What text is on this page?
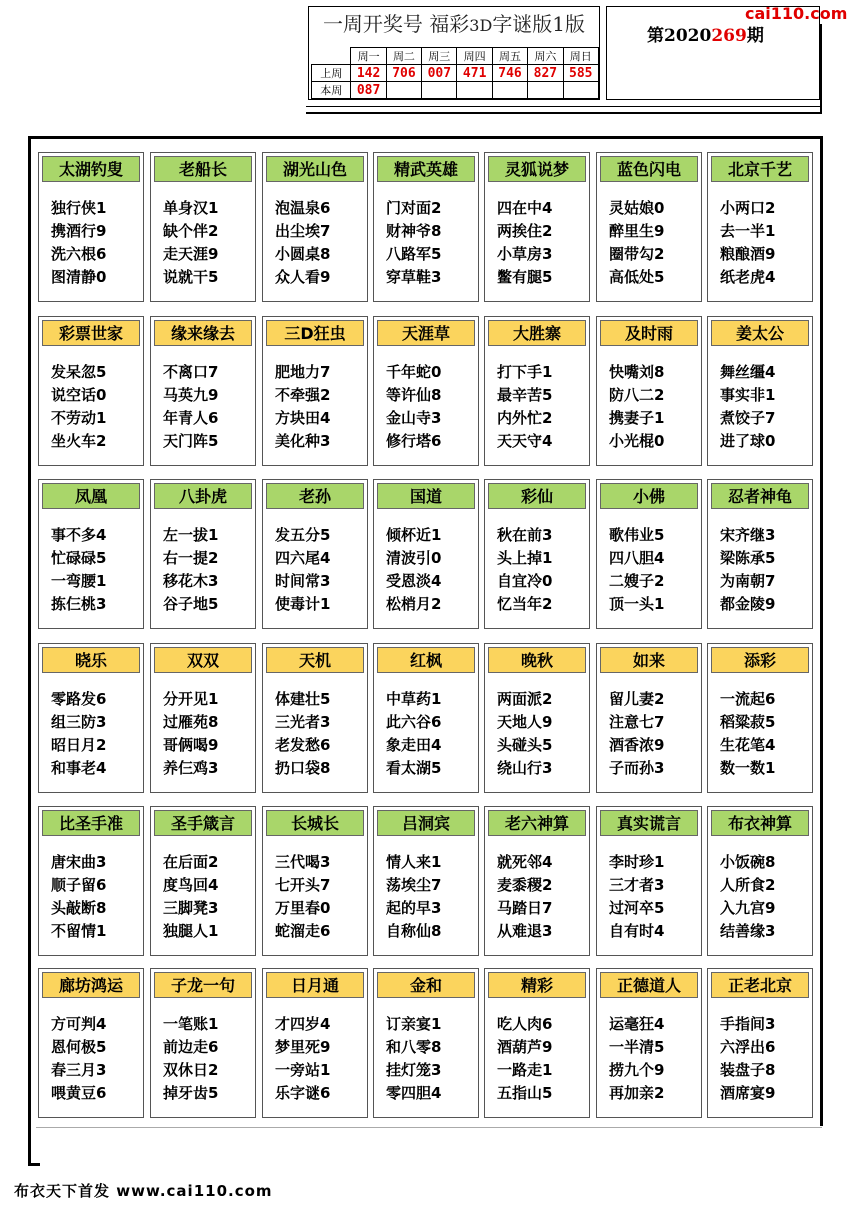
一周开奖号 福彩3D字谜版1版
	周一	周二	周三	周四	周五	周六	周日
上周	142	706	007	471	746	827	585
本周	087						
第2020269期
cai110.com
太湖钓叟
独行侠1
携酒行9
洗六根6
图清静0
老船长
单身汉1
缺个伴2
走天涯9
说就干5
湖光山色
泡温泉6
出尘埃7
小圆桌8
众人看9
精武英雄
门对面2
财神爷8
八路军5
穿草鞋3
灵狐说梦
四在中4
两挨住2
小草房3
鳖有腿5
蓝色闪电
灵姑娘0
醉里生9
圈带勾2
高低处5
北京千艺
小两口2
去一半1
粮酿酒9
纸老虎4
彩票世家
发呆忽5
说空话0
不劳动1
坐火车2
缘来缘去
不离口7
马英九9
年青人6
天门阵5
三D狂虫
肥地力7
不牵强2
方块田4
美化种3
天涯草
千年蛇0
等许仙8
金山寺3
修行塔6
大胜寨
打下手1
最辛苦5
内外忙2
天天守4
及时雨
快嘴刘8
防八二2
携妻子1
小光棍0
姜太公
舞丝缰4
事实非1
煮饺子7
进了球0
凤凰
事不多4
忙碌碌5
一弯腰1
拣仨桃3
八卦虎
左一拔1
右一提2
移花木3
谷子地5
老孙
发五分5
四六尾4
时间常3
使毒计1
国道
倾杯近1
清波引0
受恩淡4
松梢月2
彩仙
秋在前3
头上掉1
自宜冷0
忆当年2
小佛
歌伟业5
四八胆4
二嫂子2
顶一头1
忍者神龟
宋齐继3
梁陈承5
为南朝7
都金陵9
晓乐
零路发6
组三防3
昭日月2
和事老4
双双
分开见1
过雁苑8
哥俩喝9
养仨鸡3
天机
体建壮5
三光者3
老发愁6
扔口袋8
红枫
中草药1
此六谷6
象走田4
看太湖5
晚秋
两面派2
天地人9
头碰头5
绕山行3
如来
留儿妻2
注意七7
酒香浓9
子而孙3
添彩
一流起6
稻粱菽5
生花笔4
数一数1
比圣手准
唐宋曲3
顺子留6
头敲断8
不留情1
圣手箴言
在后面2
度鸟回4
三脚凳3
独腿人1
长城长
三代喝3
七开头7
万里春0
蛇溜走6
吕洞宾
情人来1
荡埃尘7
起的早3
自称仙8
老六神算
就死邻4
麦黍稷2
马踏日7
从难退3
真实谎言
李时珍1
三才者3
过河卒5
自有时4
布衣神算
小饭碗8
人所食2
入九宫9
结善缘3
廊坊鸿运
方可判4
恩何极5
春三月3
喂黄豆6
子龙一句
一笔账1
前边走6
双休日2
掉牙齿5
日月通
才四岁4
梦里死9
一旁站1
乐字谜6
金和
订亲宴1
和八零8
挂灯笼3
零四胆4
精彩
吃人肉6
酒葫芦9
一路走1
五指山5
正德道人
运毫狂4
一半清5
捞九个9
再加亲2
正老北京
手指间3
六浮出6
装盘子8
酒席宴9
布衣天下首发 www.cai110.com
